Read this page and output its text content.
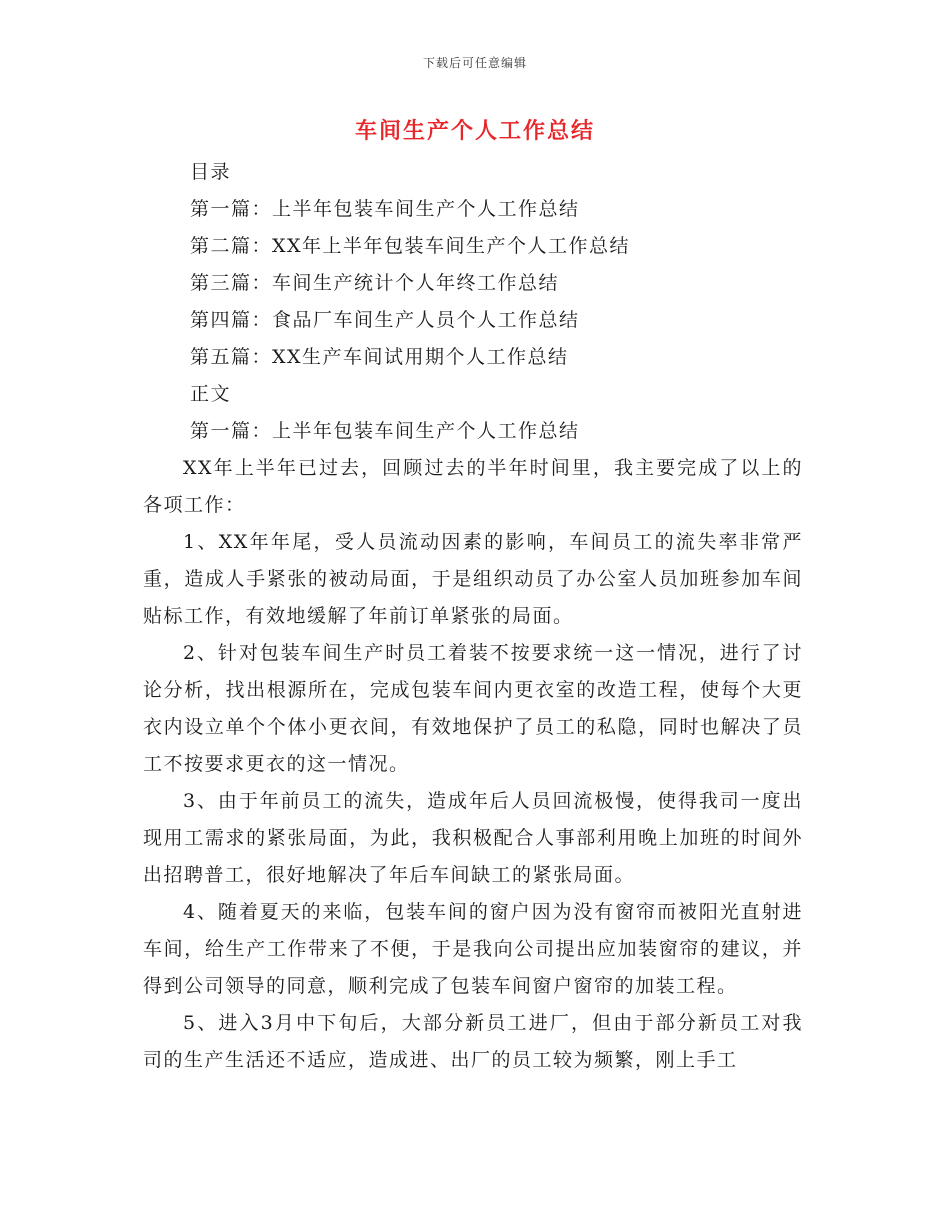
下载后可任意编辑
车间生产个人工作总结
目录
第一篇：上半年包装车间生产个人工作总结
第二篇：XX年上半年包装车间生产个人工作总结
第三篇：车间生产统计个人年终工作总结
第四篇：食品厂车间生产人员个人工作总结
第五篇：XX生产车间试用期个人工作总结
正文
第一篇：上半年包装车间生产个人工作总结

XX年上半年已过去，回顾过去的半年时间里，我主要完成了以上的各项工作：

1、XX年年尾，受人员流动因素的影响，车间员工的流失率非常严重，造成人手紧张的被动局面，于是组织动员了办公室人员加班参加车间贴标工作，有效地缓解了年前订单紧张的局面。

2、针对包装车间生产时员工着装不按要求统一这一情况，进行了讨论分析，找出根源所在，完成包装车间内更衣室的改造工程，使每个大更衣内设立单个个体小更衣间，有效地保护了员工的私隐，同时也解决了员工不按要求更衣的这一情况。

3、由于年前员工的流失，造成年后人员回流极慢，使得我司一度出现用工需求的紧张局面，为此，我积极配合人事部利用晚上加班的时间外出招聘普工，很好地解决了年后车间缺工的紧张局面。

4、随着夏天的来临，包装车间的窗户因为没有窗帘而被阳光直射进车间，给生产工作带来了不便，于是我向公司提出应加装窗帘的建议，并得到公司领导的同意，顺利完成了包装车间窗户窗帘的加装工程。

5、进入3月中下旬后，大部分新员工进厂，但由于部分新员工对我司的生产生活还不适应，造成进、出厂的员工较为频繁，刚上手工
